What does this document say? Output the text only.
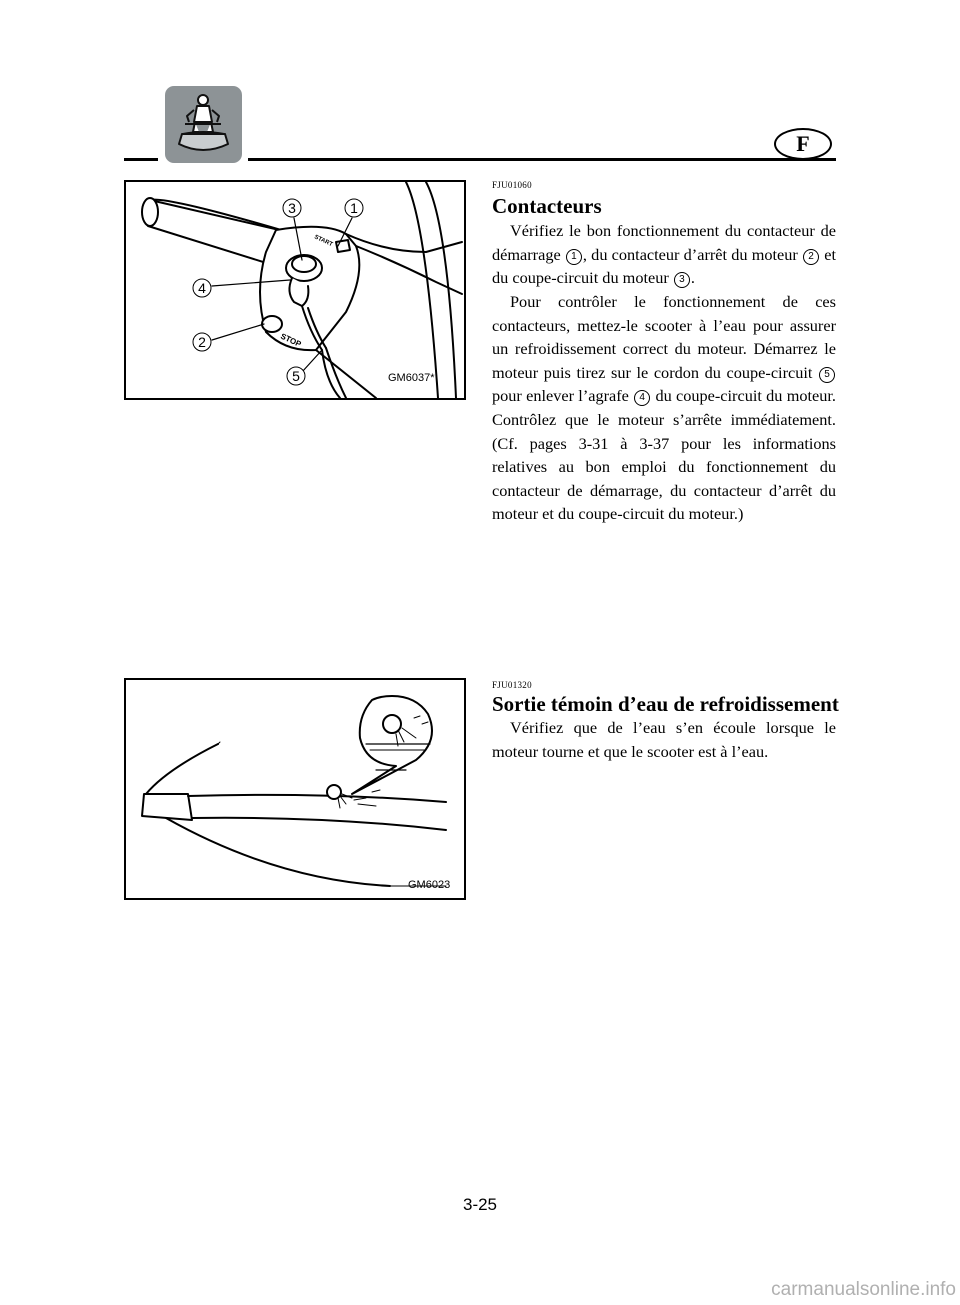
F
STOP
START
3	1
4
2
5	GM6037*
FJU01060
Contacteurs

Vérifiez le bon fonctionnement du contacteur de démarrage 1 , du contacteur d’arrêt du moteur 2 et du coupe-circuit du moteur 3 .

Pour contrôler le fonctionnement de ces contacteurs, mettez-le scooter à l’eau pour assurer un refroidissement correct du moteur. Démarrez le moteur puis tirez sur le cordon du coupe-circuit 5 pour enlever l’agrafe 4 du coupe-circuit du moteur. Contrôlez que le moteur s’arrête immédiatement. (Cf. pages 3-31 à 3-37 pour les informations relatives au bon emploi du fonctionnement du contacteur de démarrage, du contacteur d’arrêt du moteur et du coupe-circuit du moteur.)

GM6023
FJU01320
Sortie témoin d’eau de refroidissement

Vérifiez que de l’eau s’en écoule lorsque le moteur tourne et que le scooter est à l’eau.

3-25
carmanualsonline.info
